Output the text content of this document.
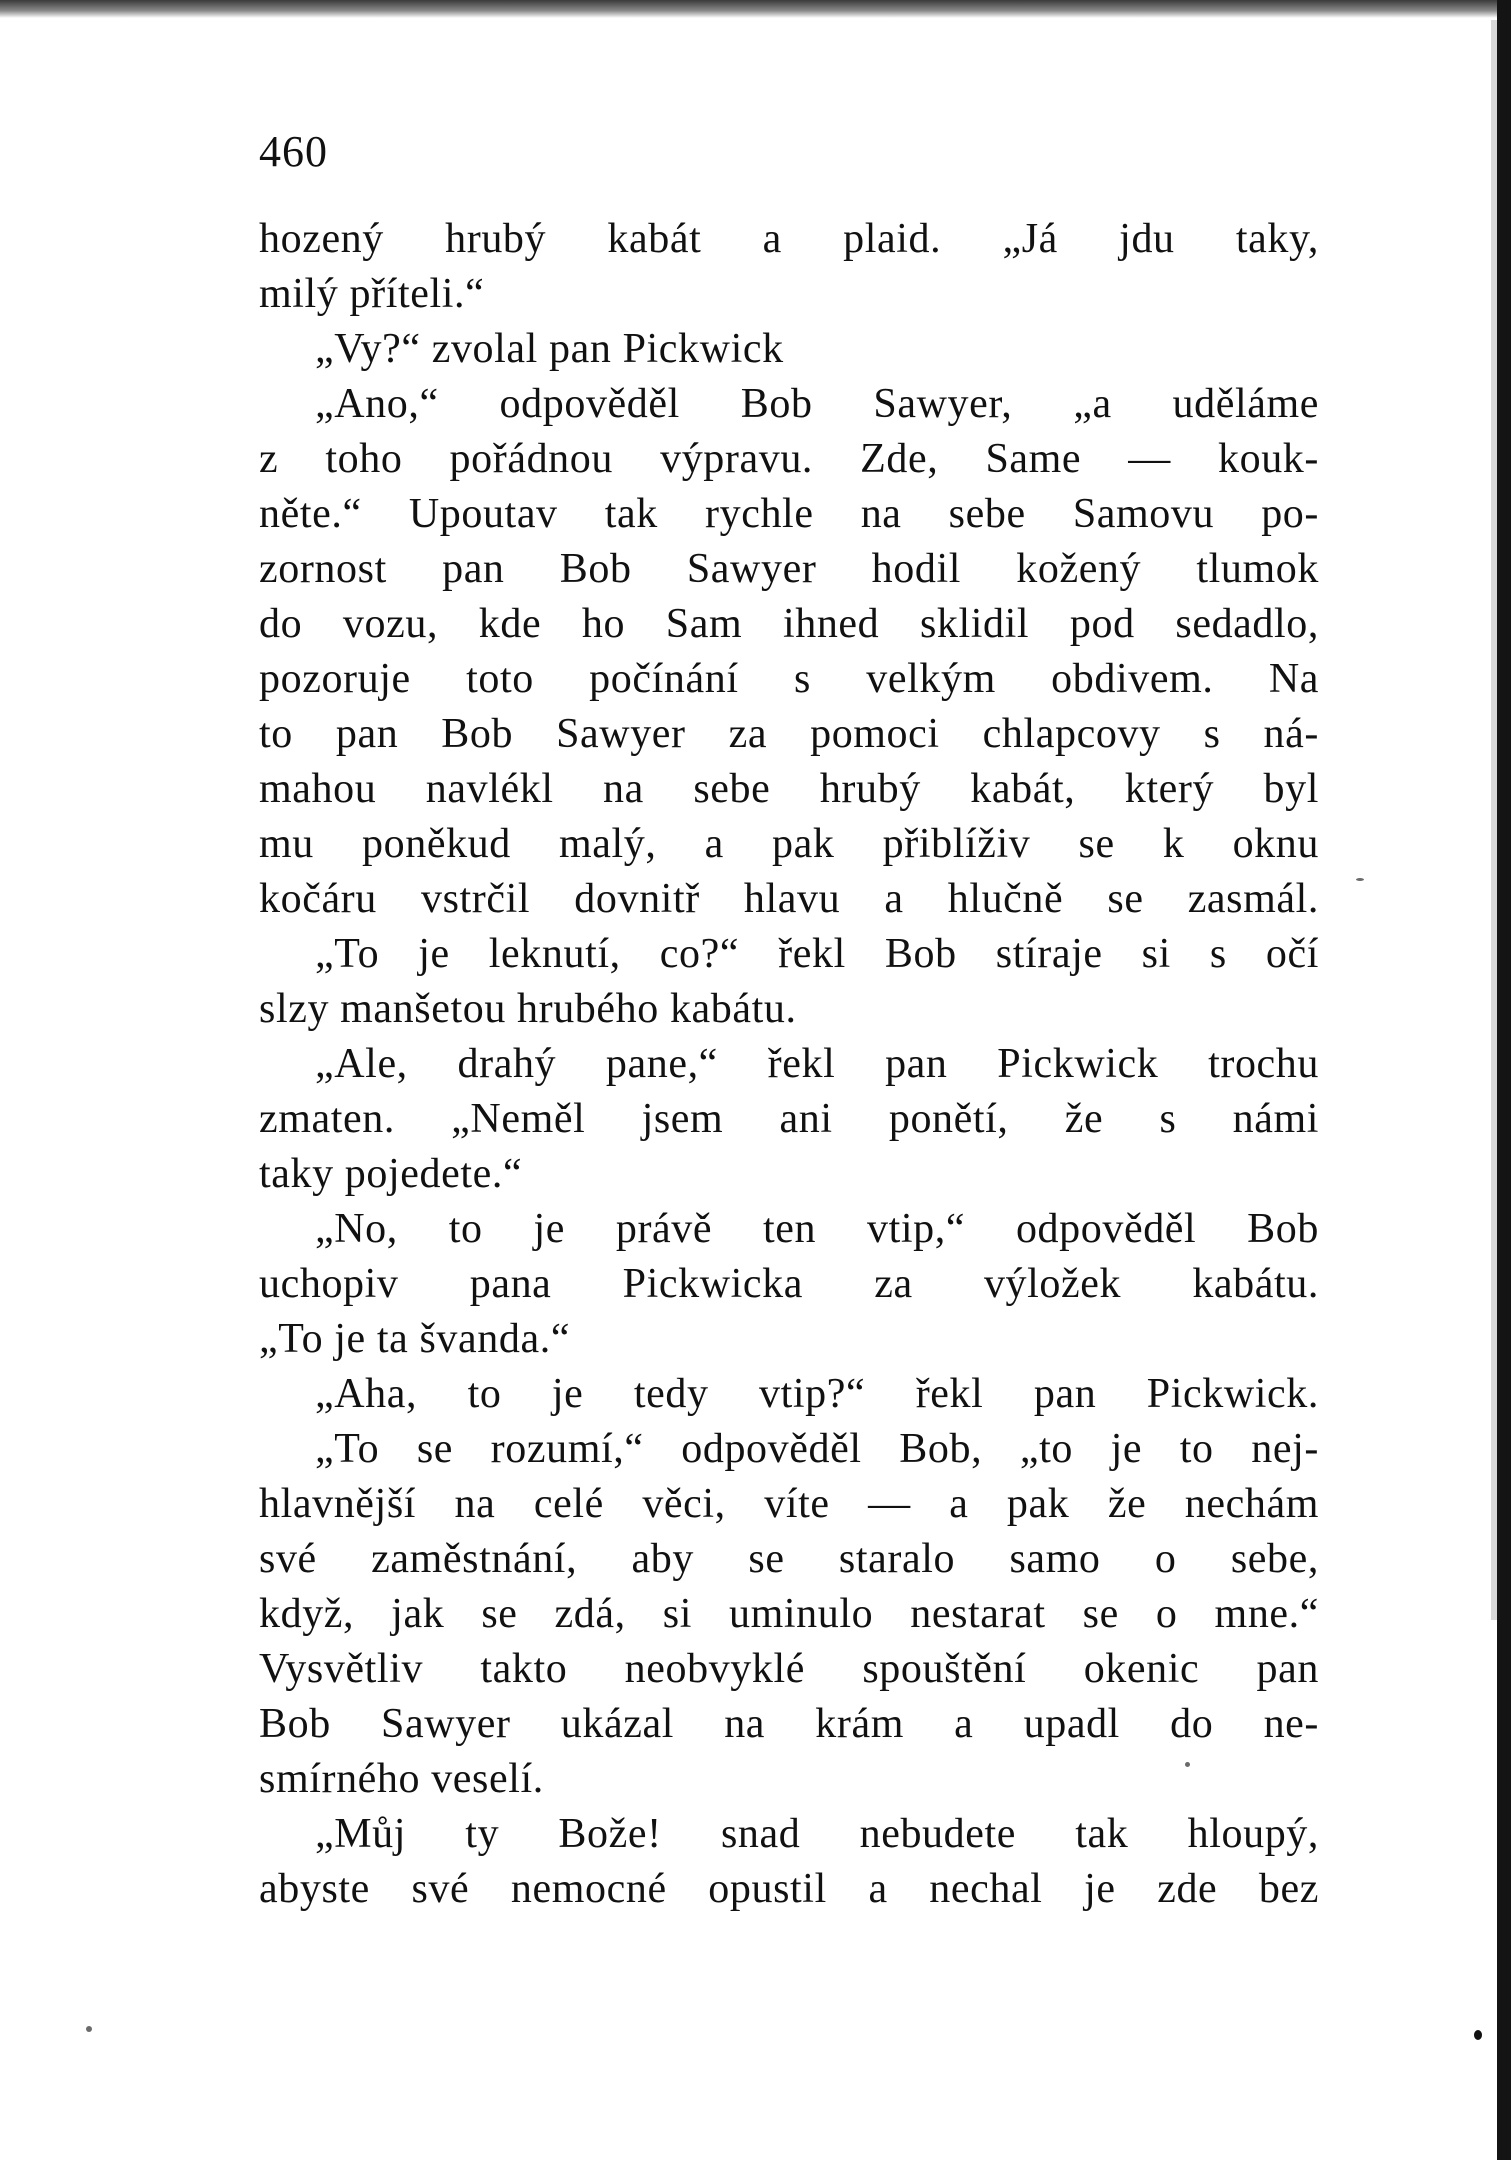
460
hozený hrubý kabát a plaid. „Já jdu taky,
milý příteli.“
„Vy?“ zvolal pan Pickwick
„Ano,“ odpověděl Bob Sawyer, „a uděláme
z toho pořádnou výpravu. Zde, Same — kouk-
něte.“ Upoutav tak rychle na sebe Samovu po-
zornost pan Bob Sawyer hodil kožený tlumok
do vozu, kde ho Sam ihned sklidil pod sedadlo,
pozoruje toto počínání s velkým obdivem. Na
to pan Bob Sawyer za pomoci chlapcovy s ná-
mahou navlékl na sebe hrubý kabát, který byl
mu poněkud malý, a pak přiblíživ se k oknu
kočáru vstrčil dovnitř hlavu a hlučně se zasmál.
„To je leknutí, co?“ řekl Bob stíraje si s očí
slzy manšetou hrubého kabátu.
„Ale, drahý pane,“ řekl pan Pickwick trochu
zmaten. „Neměl jsem ani ponětí, že s námi
taky pojedete.“
„No, to je právě ten vtip,“ odpověděl Bob
uchopiv pana Pickwicka za výložek kabátu.
„To je ta švanda.“
„Aha, to je tedy vtip?“ řekl pan Pickwick.
„To se rozumí,“ odpověděl Bob, „to je to nej-
hlavnější na celé věci, víte — a pak že nechám
své zaměstnání, aby se staralo samo o sebe,
když, jak se zdá, si uminulo nestarat se o mne.“
Vysvětliv takto neobvyklé spouštění okenic pan
Bob Sawyer ukázal na krám a upadl do ne-
smírného veselí.
„Můj ty Bože! snad nebudete tak hloupý,
abyste své nemocné opustil a nechal je zde bez
